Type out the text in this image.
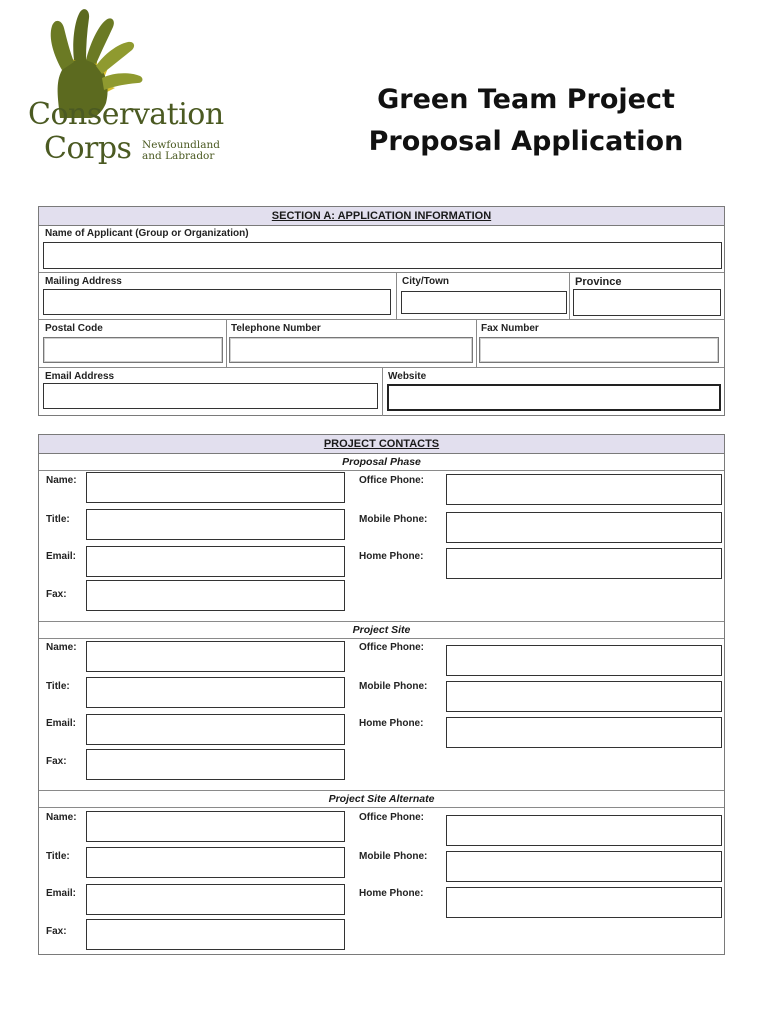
Conservation
Corps Newfoundland
and Labrador
Green Team Project
Proposal Application
SECTION A: APPLICATION INFORMATION
Name of Applicant (Group or Organization)
Mailing Address	City/Town	Province
Postal Code	Telephone Number	Fax Number
Email Address	Website
PROJECT CONTACTS
Proposal Phase
Name:	Office Phone:
Title:	Mobile Phone:
Email:	Home Phone:
Fax:
Project Site
Name:	Office Phone:
Title:	Mobile Phone:
Email:	Home Phone:
Fax:
Project Site Alternate
Name:	Office Phone:
Title:	Mobile Phone:
Email:	Home Phone:
Fax:
